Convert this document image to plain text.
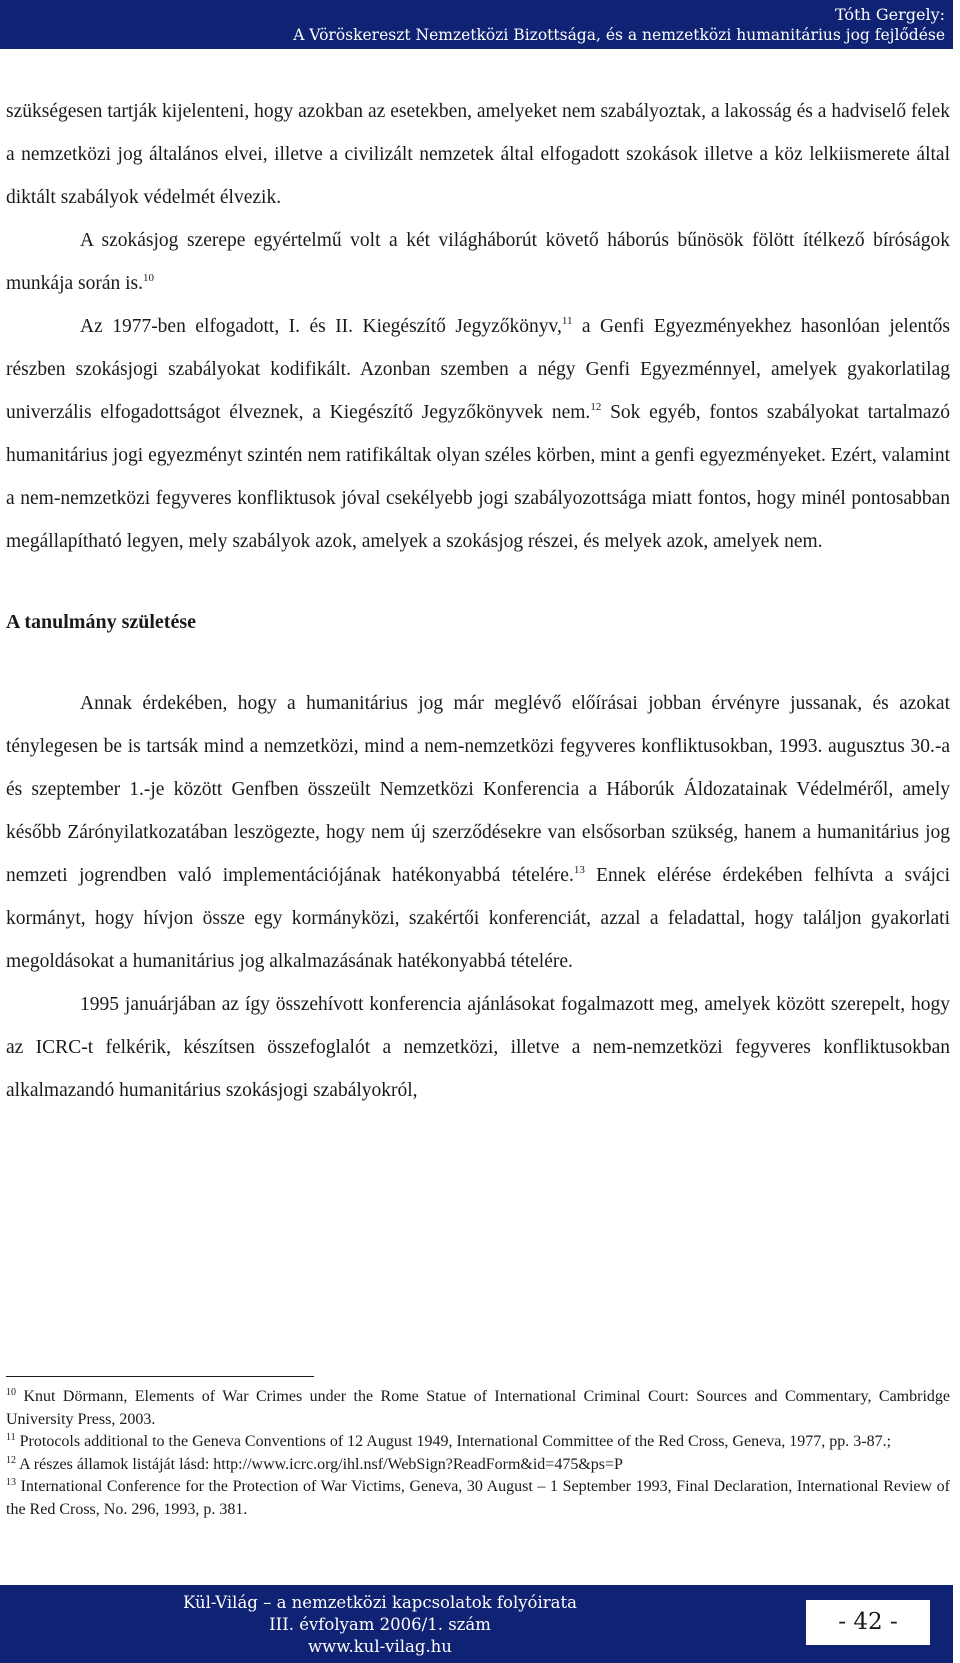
Tóth Gergely:
A Vöröskereszt Nemzetközi Bizottsága, és a nemzetközi humanitárius jog fejlődése

szükségesen tartják kijelenteni, hogy azokban az esetekben, amelyeket nem szabályoztak, a lakosság és a hadviselő felek a nemzetközi jog általános elvei, illetve a civilizált nemzetek által elfogadott szokások illetve a köz lelkiismerete által diktált szabályok védelmét élvezik.

A szokásjog szerepe egyértelmű volt a két világháborút követő háborús bűnösök fölött ítélkező bíróságok munkája során is.$^{10}$

Az 1977-ben elfogadott, I. és II. Kiegészítő Jegyzőkönyv,$^{11}$ a Genfi Egyezményekhez hasonlóan jelentős részben szokásjogi szabályokat kodifikált. Azonban szemben a négy Genfi Egyezménnyel, amelyek gyakorlatilag univerzális elfogadottságot élveznek, a Kiegészítő Jegyzőkönyvek nem.$^{12}$ Sok egyéb, fontos szabályokat tartalmazó humanitárius jogi egyezményt szintén nem ratifikáltak olyan széles körben, mint a genfi egyezményeket. Ezért, valamint a nem-nemzetközi fegyveres konfliktusok jóval csekélyebb jogi szabályozottsága miatt fontos, hogy minél pontosabban megállapítható legyen, mely szabályok azok, amelyek a szokásjog részei, és melyek azok, amelyek nem.

A tanulmány születése

Annak érdekében, hogy a humanitárius jog már meglévő előírásai jobban érvényre jussanak, és azokat ténylegesen be is tartsák mind a nemzetközi, mind a nem-nemzetközi fegyveres konfliktusokban, 1993. augusztus 30.-a és szeptember 1.-je között Genfben összeült Nemzetközi Konferencia a Háborúk Áldozatainak Védelméről, amely később Zárónyilatkozatában leszögezte, hogy nem új szerződésekre van elsősorban szükség, hanem a humanitárius jog nemzeti jogrendben való implementációjának hatékonyabbá tételére.$^{13}$ Ennek elérése érdekében felhívta a svájci kormányt, hogy hívjon össze egy kormányközi, szakértői konferenciát, azzal a feladattal, hogy találjon gyakorlati megoldásokat a humanitárius jog alkalmazásának hatékonyabbá tételére.

1995 januárjában az így összehívott konferencia ajánlásokat fogalmazott meg, amelyek között szerepelt, hogy az ICRC-t felkérik, készítsen összefoglalót a nemzetközi, illetve a nem-nemzetközi fegyveres konfliktusokban alkalmazandó humanitárius szokásjogi szabályokról,

$^{10}$ Knut Dörmann, Elements of War Crimes under the Rome Statue of International Criminal Court: Sources and Commentary, Cambridge University Press, 2003.

$^{11}$ Protocols additional to the Geneva Conventions of 12 August 1949, International Committee of the Red Cross, Geneva, 1977, pp. 3-87.;

$^{12}$ A részes államok listáját lásd: http://www.icrc.org/ihl.nsf/WebSign?ReadForm&id=475&ps=P

$^{13}$ International Conference for the Protection of War Victims, Geneva, 30 August – 1 September 1993, Final Declaration, International Review of the Red Cross, No. 296, 1993, p. 381.

Kül-Világ – a nemzetközi kapcsolatok folyóirata
III. évfolyam 2006/1. szám
www.kul-vilag.hu
- 42 -
